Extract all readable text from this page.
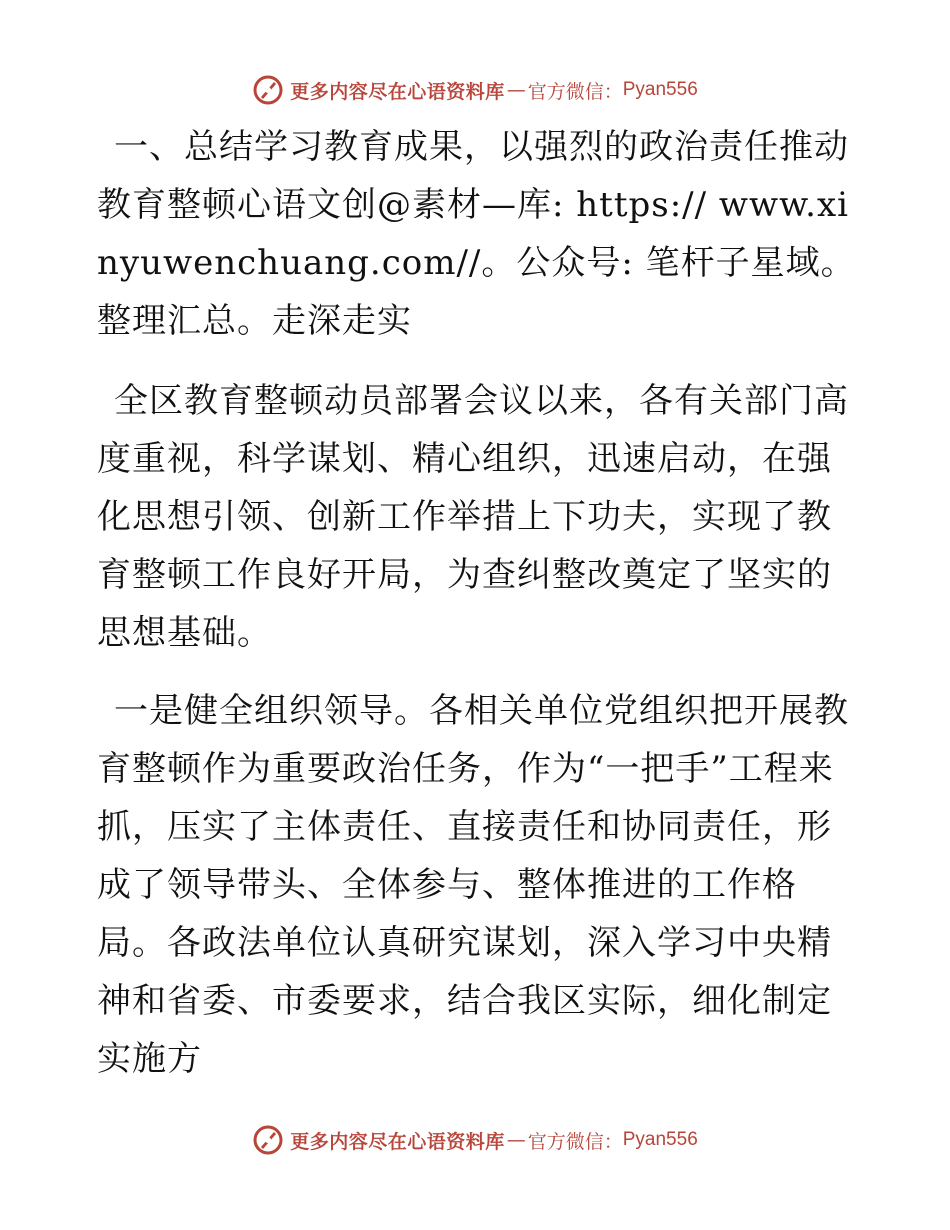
更多内容尽在心语资料库 — 官方微信： Pyan556

一、总结学习教育成果，以强烈的政治责任推动教育整顿心语文创@素材—库: https:// www.xinyuwenchuang.com//。公众号: 笔杆子星域。整理汇总。走深走实

全区教育整顿动员部署会议以来，各有关部门高度重视，科学谋划、精心组织，迅速启动，在强化思想引领、创新工作举措上下功夫，实现了教育整顿工作良好开局，为查纠整改奠定了坚实的思想基础。

一是健全组织领导。各相关单位党组织把开展教育整顿作为重要政治任务，作为“一把手”工程来抓，压实了主体责任、直接责任和协同责任，形成了领导带头、全体参与、整体推进的工作格局。各政法单位认真研究谋划，深入学习中央精神和省委、市委要求，结合我区实际，细化制定实施方

更多内容尽在心语资料库 — 官方微信： Pyan556
